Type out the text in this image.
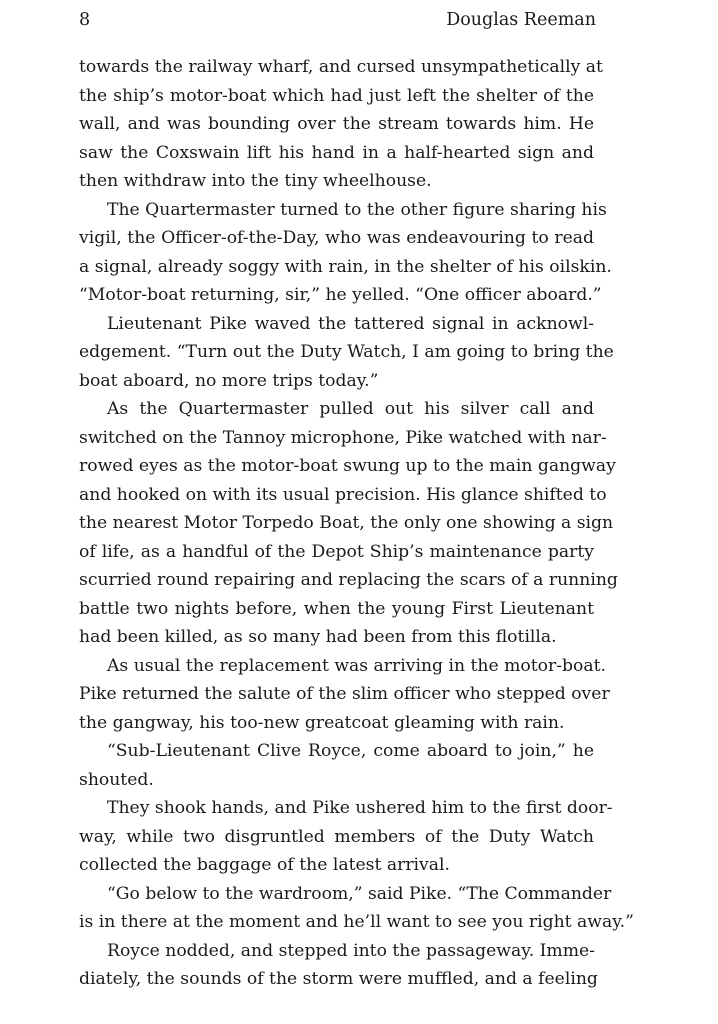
8	Douglas Reeman
towards the railway wharf, and cursed unsympathetically at
the ship’s motor-boat which had just left the shelter of the
wall, and was bounding over the stream towards him. He
saw the Coxswain lift his hand in a half-hearted sign and
then withdraw into the tiny wheelhouse.
The Quartermaster turned to the other figure sharing his
vigil, the Officer-of-the-Day, who was endeavouring to read
a signal, already soggy with rain, in the shelter of his oilskin.
“Motor-boat returning, sir,” he yelled. “One officer aboard.”
Lieutenant Pike waved the tattered signal in acknowl-
edgement. “Turn out the Duty Watch, I am going to bring the
boat aboard, no more trips today.”
As the Quartermaster pulled out his silver call and
switched on the Tannoy microphone, Pike watched with nar-
rowed eyes as the motor-boat swung up to the main gangway
and hooked on with its usual precision. His glance shifted to
the nearest Motor Torpedo Boat, the only one showing a sign
of life, as a handful of the Depot Ship’s maintenance party
scurried round repairing and replacing the scars of a running
battle two nights before, when the young First Lieutenant
had been killed, as so many had been from this flotilla.
As usual the replacement was arriving in the motor-boat.
Pike returned the salute of the slim officer who stepped over
the gangway, his too-new greatcoat gleaming with rain.
“Sub-Lieutenant Clive Royce, come aboard to join,” he
shouted.
They shook hands, and Pike ushered him to the first door-
way, while two disgruntled members of the Duty Watch
collected the baggage of the latest arrival.
“Go below to the wardroom,” said Pike. “The Commander
is in there at the moment and he’ll want to see you right away.”
Royce nodded, and stepped into the passageway. Imme-
diately, the sounds of the storm were muffled, and a feeling
